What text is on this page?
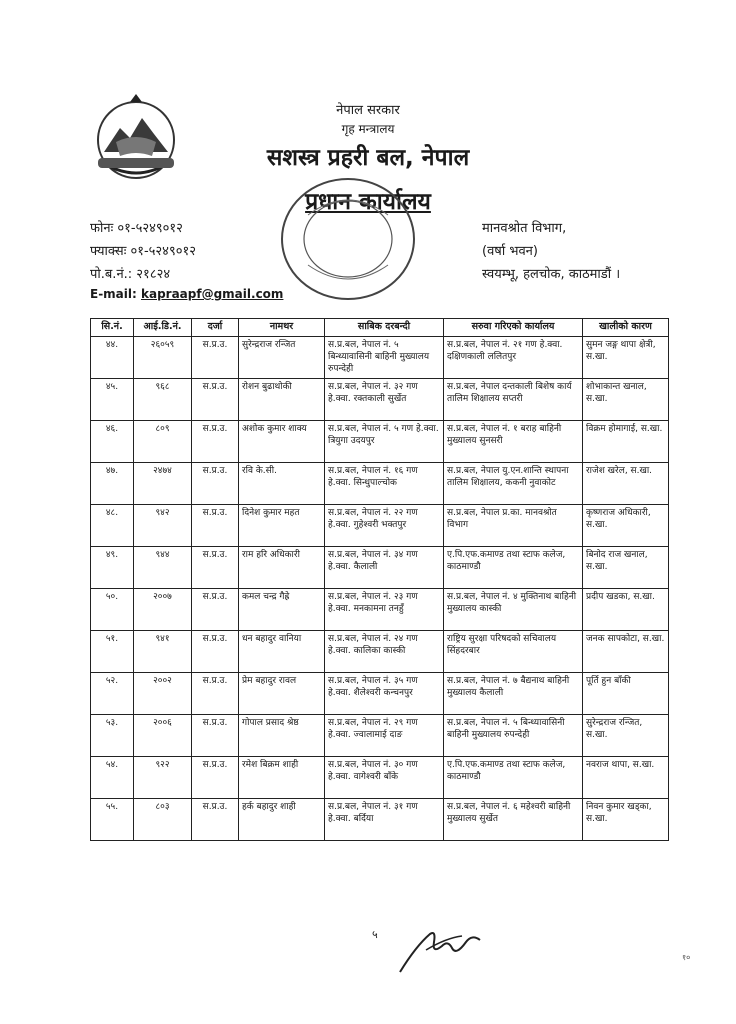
नेपाल सरकार
गृह मन्त्रालय
सशस्त्र प्रहरी बल, नेपाल
प्रधान कार्यालय
फोनः ०१-५२४९०१२
फ्याक्सः ०१-५२४९०१२
पो.ब.नं.: २१८२४
E-mail: kapraapf@gmail.com
मानवश्रोत विभाग,
(वर्षा भवन)
स्वयम्भू, हलचोक, काठमाडौं ।
सि.नं.	आई.डि.नं.	दर्जा	नामथर	साबिक दरबन्दी	सरुवा गरिएको कार्यालय	खालीको कारण
४४.	२६०५९	स.प्र.उ.	सुरेन्द्रराज रन्जित	स.प्र.बल, नेपाल नं. ५ बिन्ध्यावासिनी बाहिनी मुख्यालय रुपन्देही	स.प्र.बल, नेपाल नं. २१ गण हे.क्वा. दक्षिणकाली ललितपुर	सुमन जङ्ग थापा क्षेत्री, स.खा.
४५.	९६८	स.प्र.उ.	रोशन बुढाथोकी	स.प्र.बल, नेपाल नं. ३२ गण हे.क्वा. रक्तकाली सुर्खेत	स.प्र.बल, नेपाल दन्तकाली बिशेष कार्य तालिम शिक्षालय सप्तरी	शोभाकान्त खनाल, स.खा.
४६.	८०९	स.प्र.उ.	अशोक कुमार शाक्य	स.प्र.बल, नेपाल नं. ५ गण हे.क्वा. त्रियुगा उदयपुर	स.प्र.बल, नेपाल नं. १ बराह बाहिनी मुख्यालय सुनसरी	विक्रम होमागाई, स.खा.
४७.	२४७४	स.प्र.उ.	रवि के.सी.	स.प्र.बल, नेपाल नं. १६ गण हे.क्वा. सिन्धुपाल्चोक	स.प्र.बल, नेपाल यु.एन.शान्ति स्थापना तालिम शिक्षालय, ककनी नुवाकोट	राजेश खरेल, स.खा.
४८.	९४२	स.प्र.उ.	दिनेश कुमार महत	स.प्र.बल, नेपाल नं. २२ गण हे.क्वा. गुहेश्वरी भक्तपुर	स.प्र.बल, नेपाल प्र.का. मानवश्रोत विभाग	कृष्णराज अधिकारी, स.खा.
४९.	९४४	स.प्र.उ.	राम हरि अधिकारी	स.प्र.बल, नेपाल नं. ३४ गण हे.क्वा. कैलाली	ए.पि.एफ.कमाण्ड तथा स्टाफ कलेज, काठमाण्डौ	बिनोद राज खनाल, स.खा.
५०.	२००७	स.प्र.उ.	कमल चन्द्र गैह्रे	स.प्र.बल, नेपाल नं. २३ गण हे.क्वा. मनकामना तनहुँ	स.प्र.बल, नेपाल नं. ४ मुक्तिनाथ बाहिनी मुख्यालय कास्की	प्रदीप खडका, स.खा.
५१.	९४१	स.प्र.उ.	धन बहादुर वानिया	स.प्र.बल, नेपाल नं. २४ गण हे.क्वा. कालिका कास्की	राष्ट्रिय सुरक्षा परिषदको सचिवालय सिंहदरबार	जनक सापकोटा, स.खा.
५२.	२००२	स.प्र.उ.	प्रेम बहादुर रावल	स.प्र.बल, नेपाल नं. ३५ गण हे.क्वा. शैलेश्वरी कन्चनपुर	स.प्र.बल, नेपाल नं. ७ बैद्यनाथ बाहिनी मुख्यालय कैलाली	पूर्ति हुन बाँकी
५३.	२००६	स.प्र.उ.	गोपाल प्रसाद श्रेष्ठ	स.प्र.बल, नेपाल नं. २९ गण हे.क्वा. ज्वालामाई दाङ	स.प्र.बल, नेपाल नं. ५ बिन्ध्यावासिनी बाहिनी मुख्यालय रुपन्देही	सुरेन्द्रराज रन्जित, स.खा.
५४.	९२२	स.प्र.उ.	रमेश बिक्रम शाही	स.प्र.बल, नेपाल नं. ३० गण हे.क्वा. वागेश्वरी बाँके	ए.पि.एफ.कमाण्ड तथा स्टाफ कलेज, काठमाण्डौ	नवराज थापा, स.खा.
५५.	८०३	स.प्र.उ.	हर्क बहादुर शाही	स.प्र.बल, नेपाल नं. ३१ गण हे.क्वा. बर्दिया	स.प्र.बल, नेपाल नं. ६ महेश्वरी बाहिनी मुख्यालय सुर्खेत	निवन कुमार खड्का, स.खा.
५
१०
